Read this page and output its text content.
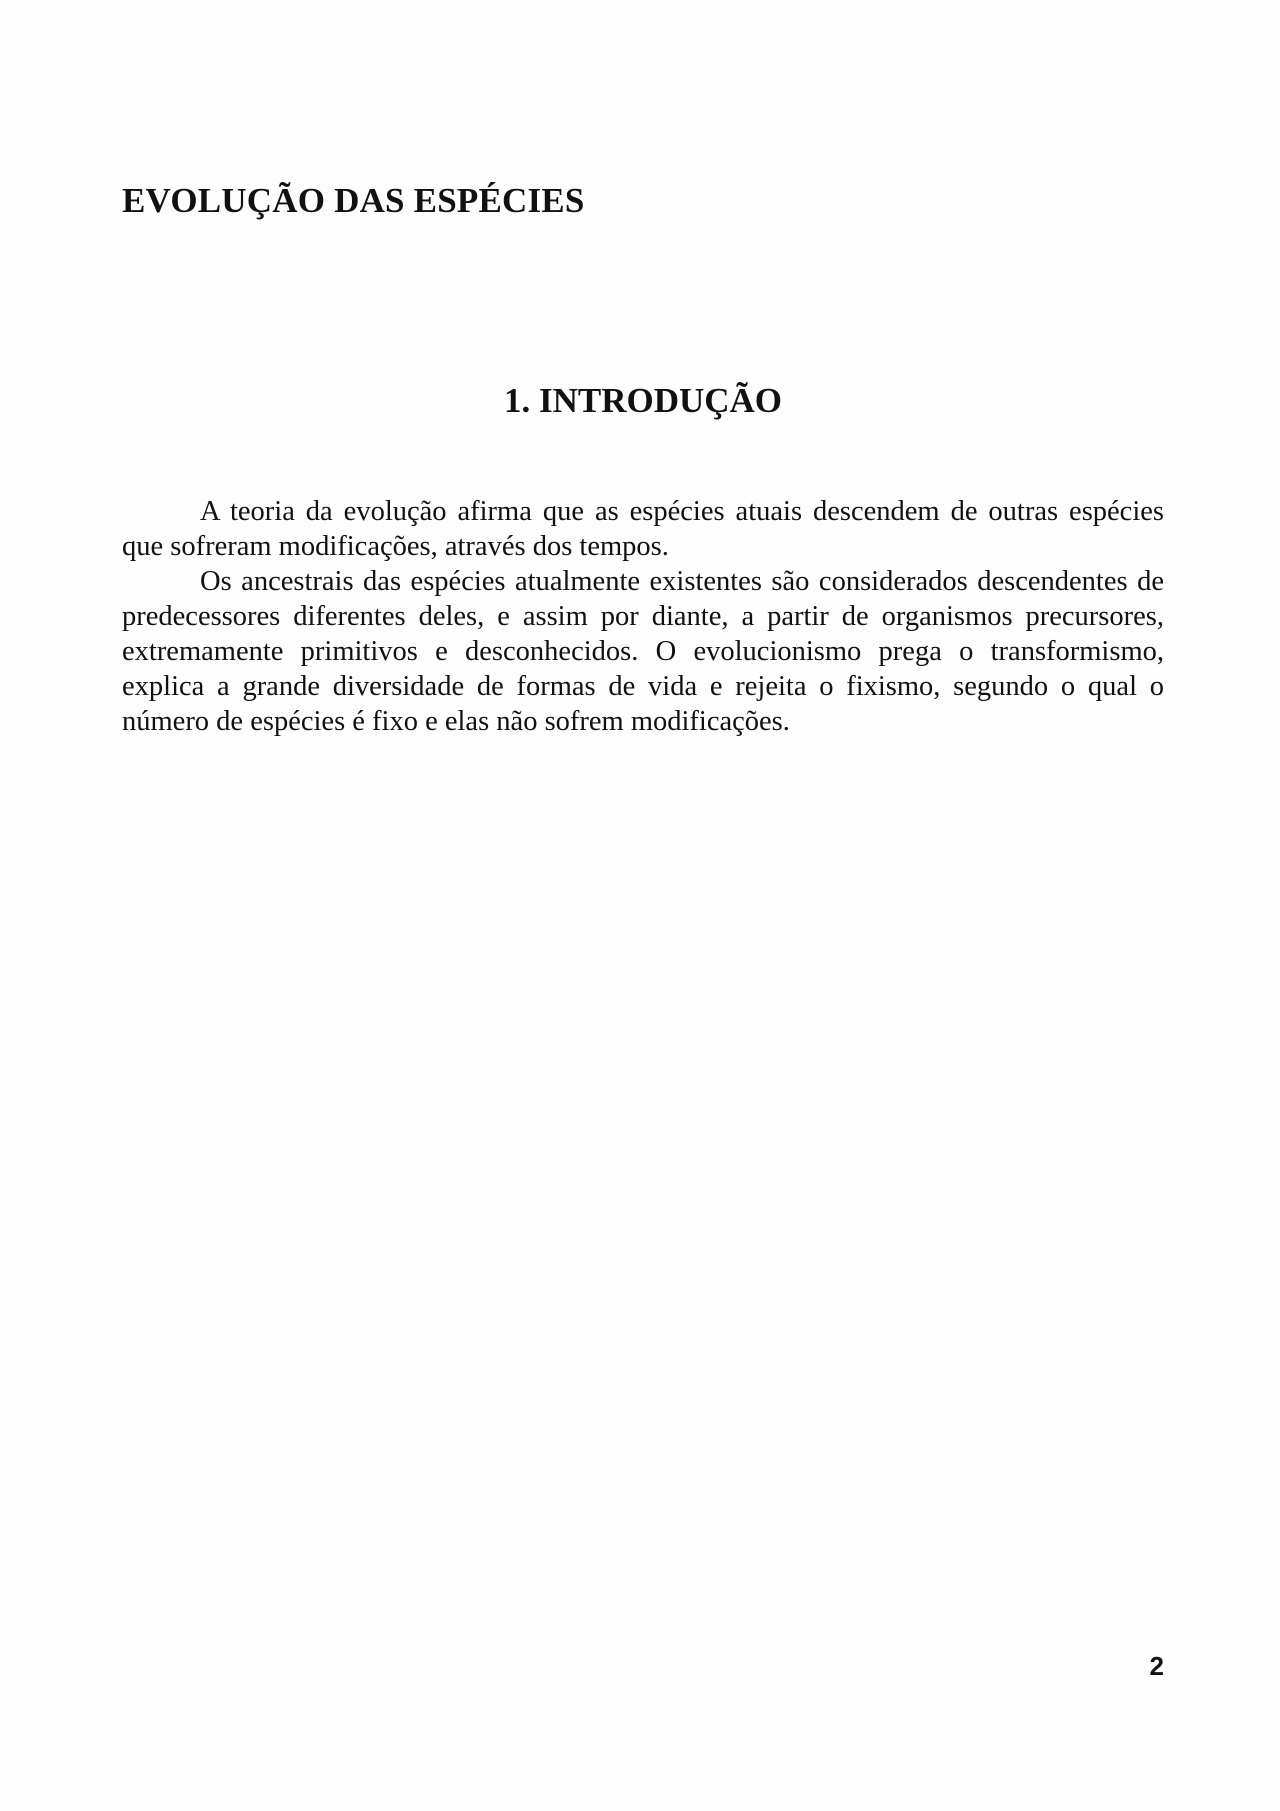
EVOLUÇÃO DAS ESPÉCIES
1. INTRODUÇÃO

A teoria da evolução afirma que as espécies atuais descendem de outras espécies que sofreram modificações, através dos tempos.

Os ancestrais das espécies atualmente existentes são considerados descendentes de predecessores diferentes deles, e assim por diante, a partir de organismos precursores, extremamente primitivos e desconhecidos. O evolucionismo prega o transformismo, explica a grande diversidade de formas de vida e rejeita o fixismo, segundo o qual o número de espécies é fixo e elas não sofrem modificações.

2
